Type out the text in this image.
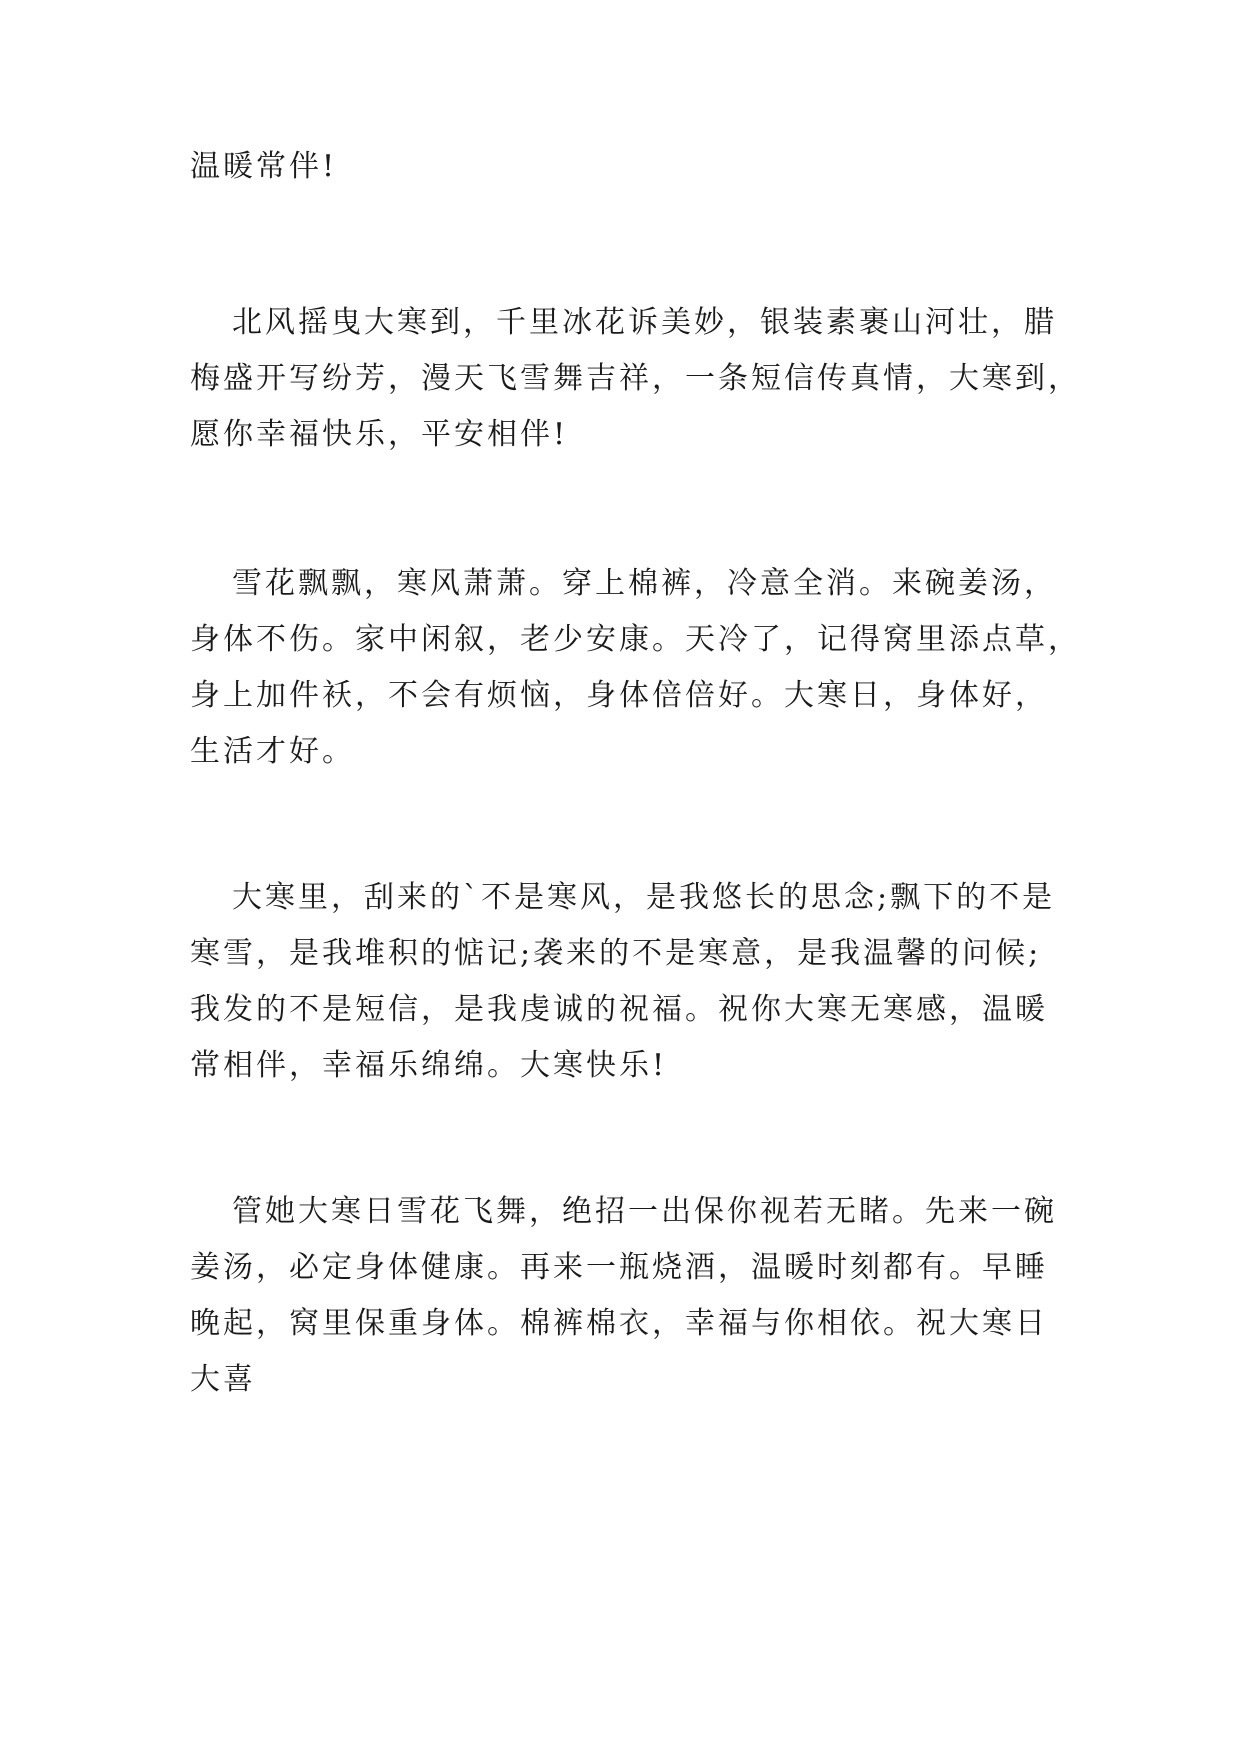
温暖常伴!

北风摇曳大寒到，千里冰花诉美妙，银装素裹山河壮，腊
梅盛开写纷芳，漫天飞雪舞吉祥，一条短信传真情，大寒到，
愿你幸福快乐，平安相伴!

雪花飘飘，寒风萧萧。穿上棉裤，冷意全消。来碗姜汤，
身体不伤。家中闲叙，老少安康。天冷了，记得窝里添点草，
身上加件袄，不会有烦恼，身体倍倍好。大寒日，身体好，
生活才好。

大寒里，刮来的`不是寒风，是我悠长的思念;飘下的不是
寒雪，是我堆积的惦记;袭来的不是寒意，是我温馨的问候;
我发的不是短信，是我虔诚的祝福。祝你大寒无寒感，温暖
常相伴，幸福乐绵绵。大寒快乐!

管她大寒日雪花飞舞，绝招一出保你视若无睹。先来一碗
姜汤，必定身体健康。再来一瓶烧酒，温暖时刻都有。早睡
晚起，窝里保重身体。棉裤棉衣，幸福与你相依。祝大寒日
大喜
